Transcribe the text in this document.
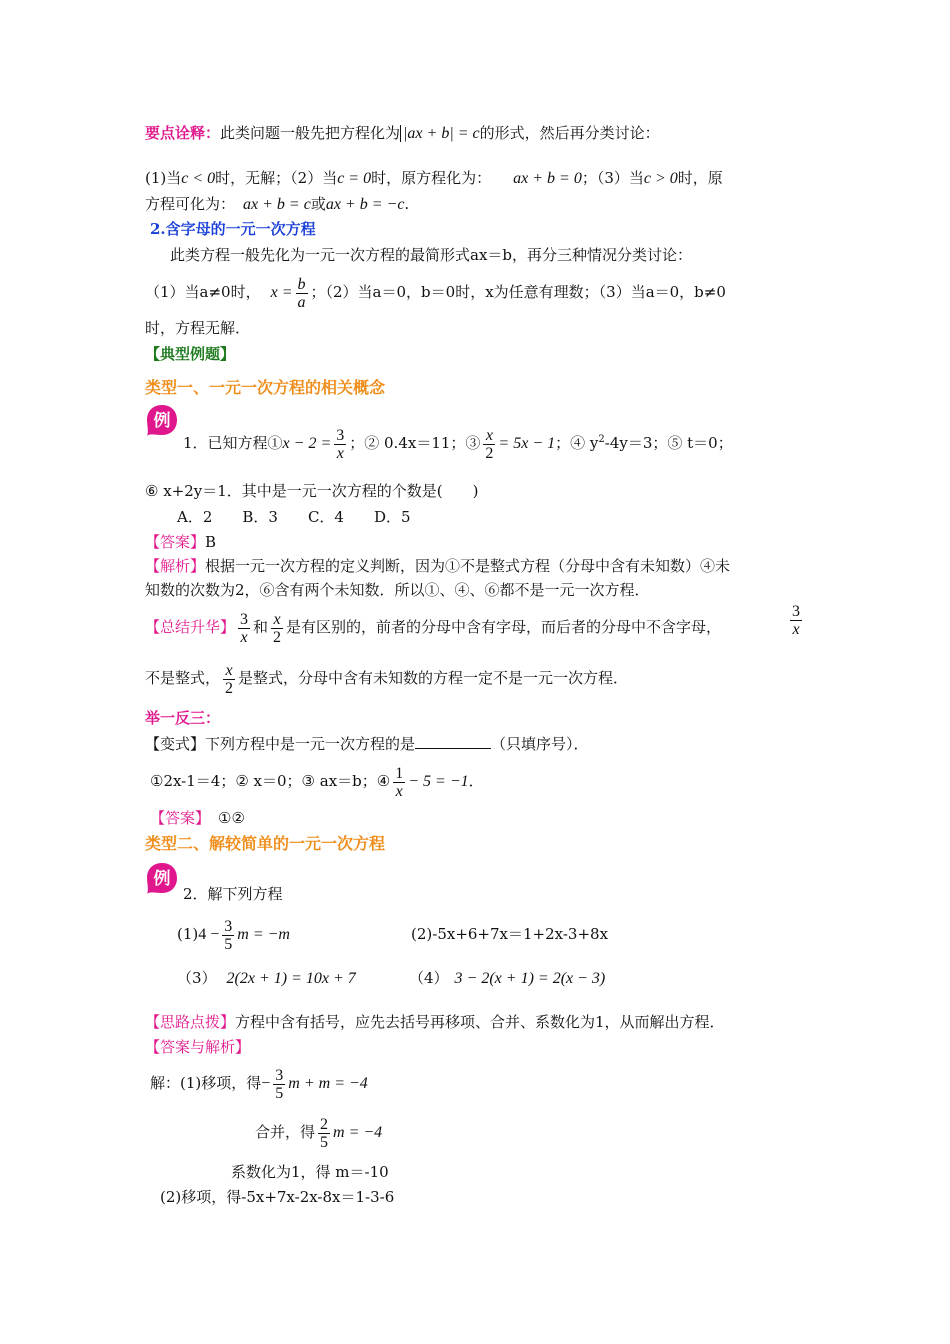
要点诠释：此类问题一般先把方程化为 |ax + b| = c的形式，然后再分类讨论：
(1)当c < 0时，无解；（2）当c = 0时，原方程化为： ax + b = 0；（3）当c > 0时，原
方程可化为： ax + b = c或ax + b = −c.
2.含字母的一元一次方程
此类方程一般先化为一元一次方程的最简形式ax＝b，再分三种情况分类讨论：
（1）当a≠0时， $x = \frac{b}{a}$ ；（2）当a＝0，b＝0时，x为任意有理数；（3）当a＝0，b≠0
时，方程无解．
【典型例题】
类型一、一元一次方程的相关概念
例
1．已知方程①x − $2 = \frac{3}{x}$ ；② 0.4x＝11；③ $\frac{x}{2} = 5x - 1$；④ $y^2-4y=3$；⑤ t＝0；
⑥ x+2y＝1．其中是一元一次方程的个数是(　　)
A．2　　B．3　　C．4　　D．5
【答案】B
【解析】根据一元一次方程的定义判断，因为①不是整式方程（分母中含有未知数）④未
知数的次数为2，⑥含有两个未知数．所以①、④、⑥都不是一元一次方程．
【总结升华】 $\frac{3}{x}$ 和 $\frac{x}{2}$ 是有区别的，前者的分母中含有字母，而后者的分母中不含字母，	$\frac{3}{x}$
不是整式， $\frac{x}{2}$ 是整式，分母中含有未知数的方程一定不是一元一次方程．
举一反三：
【变式】下列方程中是一元一次方程的是	（只填序号）．
①2x-1＝4；② x＝0；③ ax＝b；④ $\frac{1}{x} - 5 = -1$．
【答案】 ①②
类型二、解较简单的一元一次方程
例
2．解下列方程
$(1)4 - \frac{3}{5}$ m = −m	(2)-5x+6+7x＝1+2x-3+8x
（3） 2(2x + 1) = 10x + 7	（4） 3 − 2(x + 1) = 2(x − 3)
【思路点拨】方程中含有括号，应先去括号再移项、合并、系数化为1，从而解出方程．
【答案与解析】
解：(1)移项，得− $\frac{3}{5}$ m + m = −4
合并，得 $\frac{2}{5}$ m = −4
系数化为1，得 m＝-10
(2)移项，得-5x+7x-2x-8x＝1-3-6
